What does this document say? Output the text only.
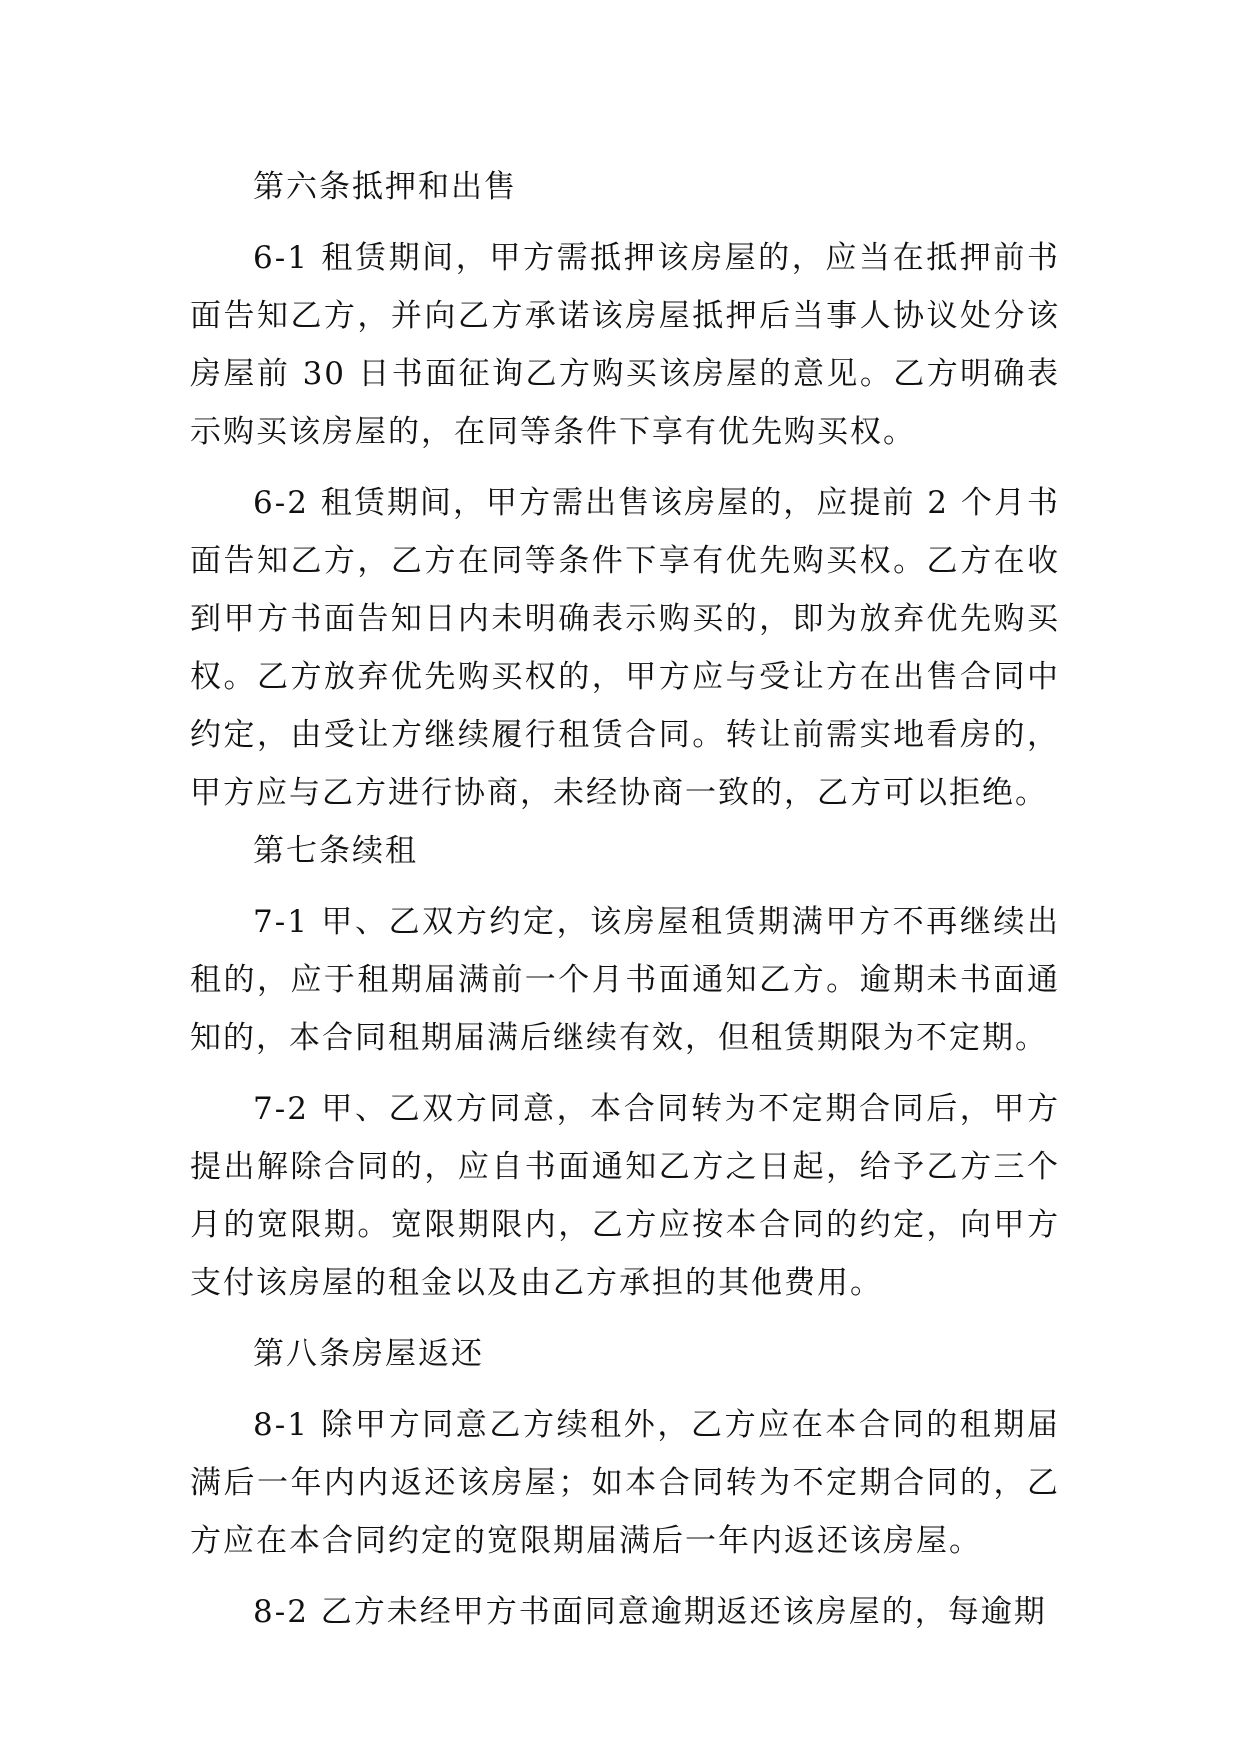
第六条抵押和出售

6-1 租赁期间，甲方需抵押该房屋的，应当在抵押前书面告知乙方，并向乙方承诺该房屋抵押后当事人协议处分该房屋前 30 日书面征询乙方购买该房屋的意见。乙方明确表示购买该房屋的，在同等条件下享有优先购买权。

6-2 租赁期间，甲方需出售该房屋的，应提前 2 个月书面告知乙方，乙方在同等条件下享有优先购买权。乙方在收到甲方书面告知日内未明确表示购买的，即为放弃优先购买权。乙方放弃优先购买权的，甲方应与受让方在出售合同中约定，由受让方继续履行租赁合同。转让前需实地看房的，甲方应与乙方进行协商，未经协商一致的，乙方可以拒绝。

第七条续租

7-1 甲、乙双方约定，该房屋租赁期满甲方不再继续出租的，应于租期届满前一个月书面通知乙方。逾期未书面通知的，本合同租期届满后继续有效，但租赁期限为不定期。

7-2 甲、乙双方同意，本合同转为不定期合同后，甲方提出解除合同的，应自书面通知乙方之日起，给予乙方三个月的宽限期。宽限期限内，乙方应按本合同的约定，向甲方支付该房屋的租金以及由乙方承担的其他费用。

第八条房屋返还

8-1 除甲方同意乙方续租外，乙方应在本合同的租期届满后一年内内返还该房屋；如本合同转为不定期合同的，乙方应在本合同约定的宽限期届满后一年内返还该房屋。

8-2 乙方未经甲方书面同意逾期返还该房屋的，每逾期
